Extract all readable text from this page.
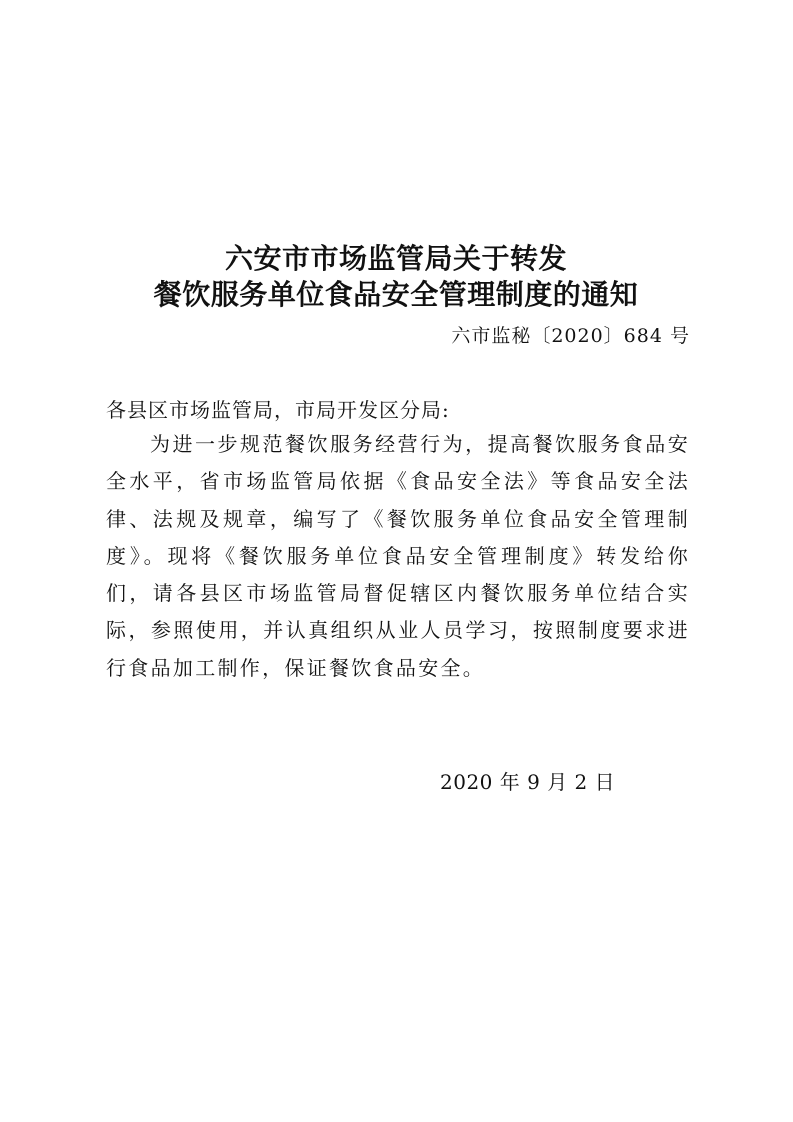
六安市市场监管局关于转发
餐饮服务单位食品安全管理制度的通知
六市监秘〔2020〕684 号
各县区市场监管局，市局开发区分局:
为进一步规范餐饮服务经营行为，提高餐饮服务食品安全水平，省市场监管局依据《食品安全法》等食品安全法律、法规及规章，编写了《餐饮服务单位食品安全管理制度》。现将《餐饮服务单位食品安全管理制度》转发给你们，请各县区市场监管局督促辖区内餐饮服务单位结合实际，参照使用，并认真组织从业人员学习，按照制度要求进行食品加工制作，保证餐饮食品安全。
2020 年 9 月 2 日
